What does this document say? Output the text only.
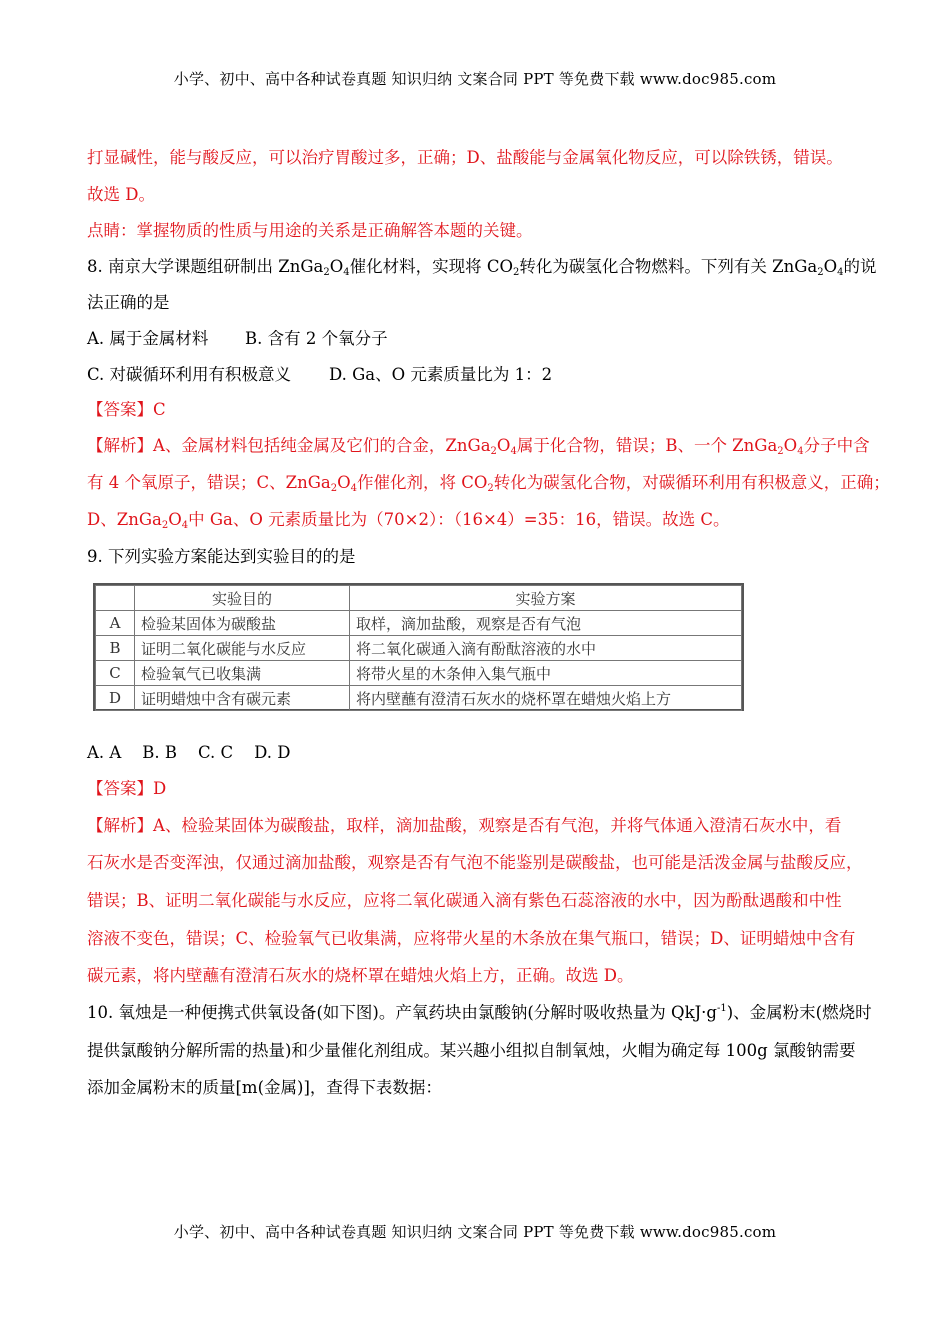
小学、初中、高中各种试卷真题 知识归纳 文案合同 PPT 等免费下载 www.doc985.com
打显碱性，能与酸反应，可以治疗胃酸过多，正确；D、盐酸能与金属氧化物反应，可以除铁锈，错误。
故选 D。
点睛：掌握物质的性质与用途的关系是正确解答本题的关键。
8. 南京大学课题组研制出 $ZnGa_2O_4$催化材料，实现将 $CO_2$转化为碳氢化合物燃料。下列有关 $ZnGa_2O_4$的说
法正确的是
A. 属于金属材料 B. 含有 2 个氧分子
C. 对碳循环利用有积极意义 D. Ga、O 元素质量比为 1：2
【答案】C
【解析】A、金属材料包括纯金属及它们的合金，$ZnGa_2O_4$属于化合物，错误；B、一个 $ZnGa_2O_4$分子中含
有 4 个氧原子，错误；C、$ZnGa_2O_4$作催化剂，将 $CO_2$转化为碳氢化合物，对碳循环利用有积极意义，正确；
D、$ZnGa_2O_4$中 Ga、O 元素质量比为（70×2）：（16×4）=35：16，错误。故选 C。
9. 下列实验方案能达到实验目的的是
	实验目的	实验方案
A	检验某固体为碳酸盐	取样，滴加盐酸，观察是否有气泡
B	证明二氧化碳能与水反应	将二氧化碳通入滴有酚酞溶液的水中
C	检验氧气已收集满	将带火星的木条伸入集气瓶中
D	证明蜡烛中含有碳元素	将内壁蘸有澄清石灰水的烧杯罩在蜡烛火焰上方
A. A    B. B    C. C    D. D
【答案】D
【解析】A、检验某固体为碳酸盐，取样，滴加盐酸，观察是否有气泡，并将气体通入澄清石灰水中，看
石灰水是否变浑浊，仅通过滴加盐酸，观察是否有气泡不能鉴别是碳酸盐，也可能是活泼金属与盐酸反应，
错误；B、证明二氧化碳能与水反应，应将二氧化碳通入滴有紫色石蕊溶液的水中，因为酚酞遇酸和中性
溶液不变色，错误；C、检验氧气已收集满，应将带火星的木条放在集气瓶口，错误；D、证明蜡烛中含有
碳元素，将内壁蘸有澄清石灰水的烧杯罩在蜡烛火焰上方，正确。故选 D。
10. 氧烛是一种便携式供氧设备(如下图)。产氧药块由氯酸钠(分解时吸收热量为 $QkJ\cdot g^{-1}$)、金属粉末(燃烧时
提供氯酸钠分解所需的热量)和少量催化剂组成。某兴趣小组拟自制氧烛，火帽为确定每 100g 氯酸钠需要
添加金属粉末的质量[m(金属)]，查得下表数据：
小学、初中、高中各种试卷真题 知识归纳 文案合同 PPT 等免费下载 www.doc985.com
